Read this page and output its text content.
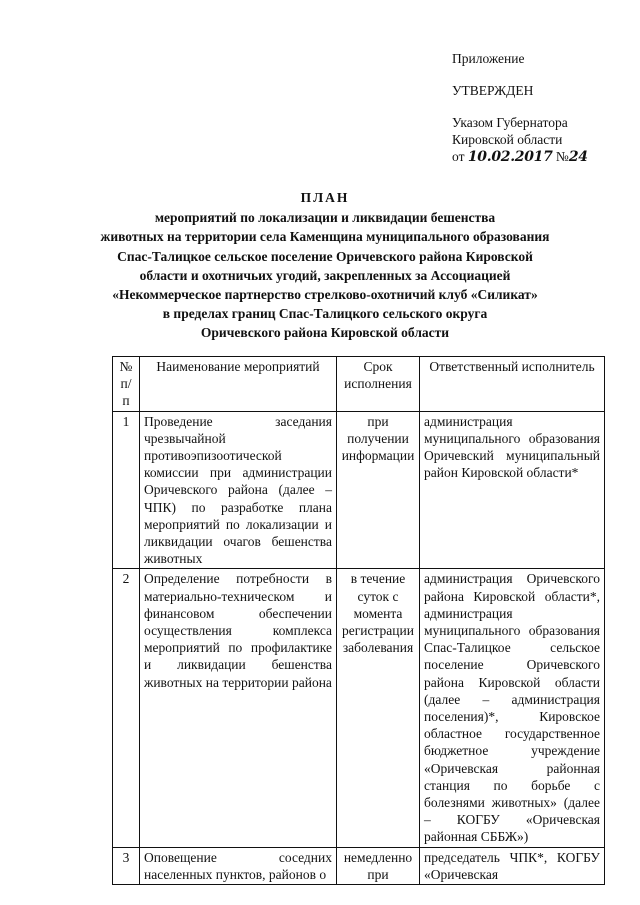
Приложение
УТВЕРЖДЕН
Указом Губернатора
Кировской области
от 10.02.2017 №24
ПЛАН
мероприятий по локализации и ликвидации бешенства
животных на территории села Каменщина муниципального образования
Спас-Талицкое сельское поселение Оричевского района Кировской
области и охотничьих угодий, закрепленных за Ассоциацией
«Некоммерческое партнерство стрелково-охотничий клуб «Силикат»
в пределах границ Спас-Талицкого сельского округа
Оричевского района Кировской области
№ п/п	Наименование мероприятий	Срок исполнения	Ответственный исполнитель
1	Проведение заседания чрезвычайной противоэпизоотической комиссии при администрации Оричевского района (далее – ЧПК) по разработке плана мероприятий по локализации и ликвидации очагов бешенства животных	при получении информации	администрация муниципального образования Оричевский муниципальный район Кировской области*
2	Определение потребности в материально-техническом и финансовом обеспечении осуществления комплекса мероприятий по профилактике и ликвидации бешенства животных на территории района	в течение суток с момента регистрации заболевания	администрация Оричевского района Кировской области*, администрация муниципального образования Спас-Талицкое сельское поселение Оричевского района Кировской области (далее – администрация поселения)*, Кировское областное государственное бюджетное учреждение «Оричевская районная станция по борьбе с болезнями животных» (далее – КОГБУ «Оричевская районная СББЖ»)
3	Оповещение соседних населенных пунктов, районов о	немедленно при	председатель ЧПК*, КОГБУ «Оричевская
